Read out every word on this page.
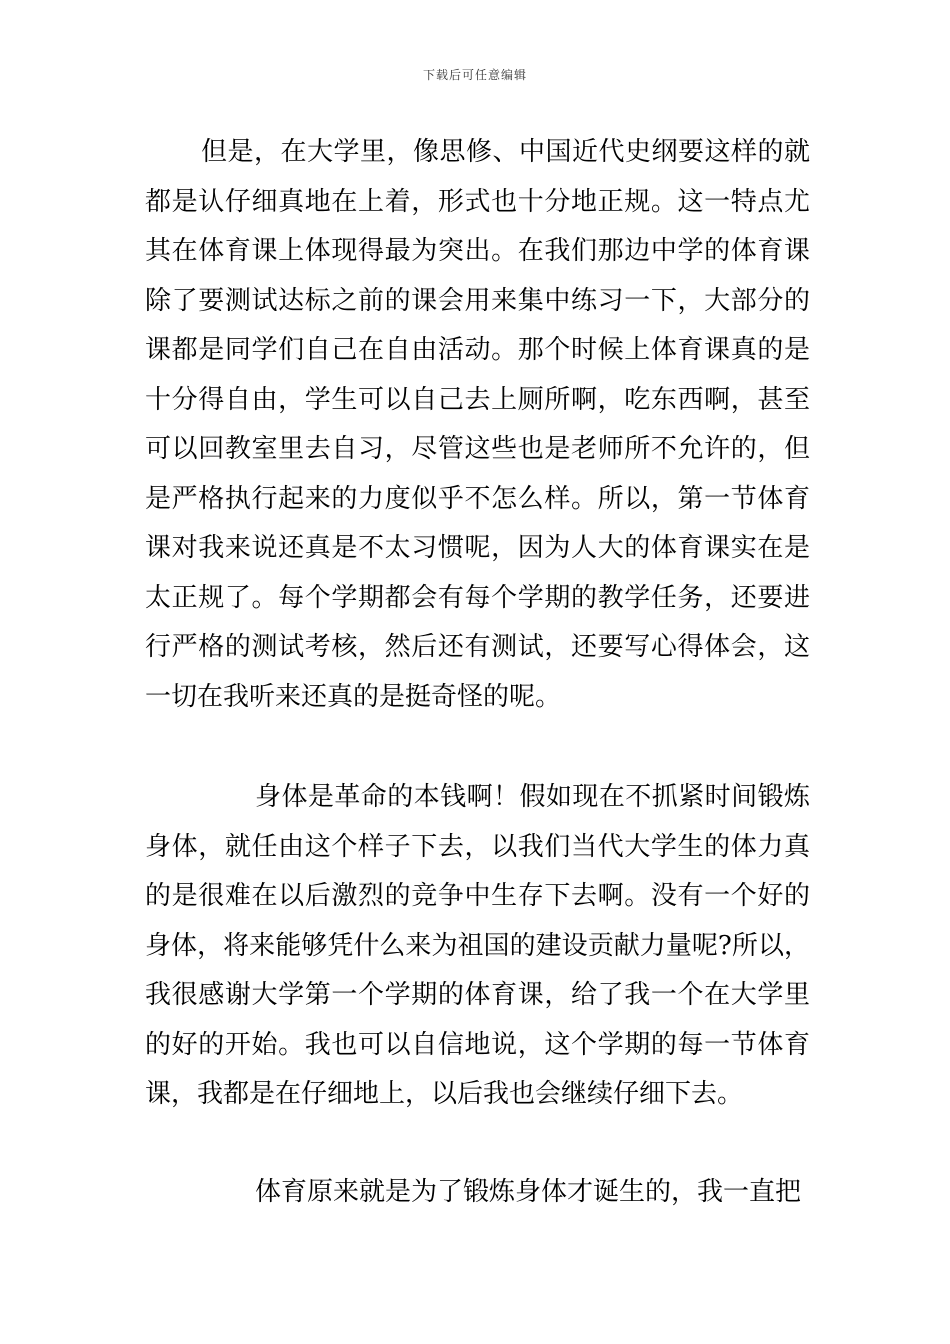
下载后可任意编辑
但是，在大学里，像思修、中国近代史纲要这样的就都是认仔细真地在上着，形式也十分地正规。这一特点尤其在体育课上体现得最为突出。在我们那边中学的体育课除了要测试达标之前的课会用来集中练习一下，大部分的课都是同学们自己在自由活动。那个时候上体育课真的是十分得自由，学生可以自己去上厕所啊，吃东西啊，甚至可以回教室里去自习，尽管这些也是老师所不允许的，但是严格执行起来的力度似乎不怎么样。所以，第一节体育课对我来说还真是不太习惯呢，因为人大的体育课实在是太正规了。每个学期都会有每个学期的教学任务，还要进行严格的测试考核，然后还有测试，还要写心得体会，这一切在我听来还真的是挺奇怪的呢。
身体是革命的本钱啊！假如现在不抓紧时间锻炼身体，就任由这个样子下去，以我们当代大学生的体力真的是很难在以后激烈的竞争中生存下去啊。没有一个好的身体，将来能够凭什么来为祖国的建设贡献力量呢?所以，我很感谢大学第一个学期的体育课，给了我一个在大学里的好的开始。我也可以自信地说，这个学期的每一节体育课，我都是在仔细地上，以后我也会继续仔细下去。
体育原来就是为了锻炼身体才诞生的，我一直把
